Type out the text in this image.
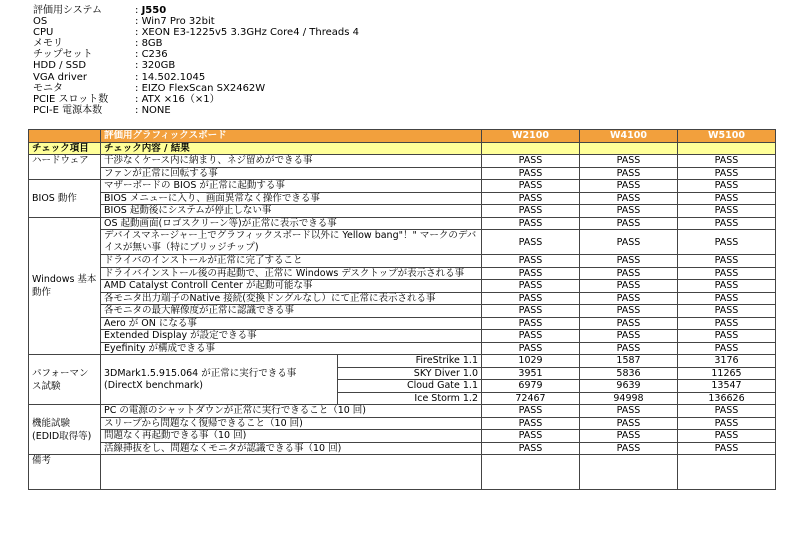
評価用システム	: J550
OS	: Win7 Pro 32bit
CPU	: XEON E3-1225v5 3.3GHz Core4 / Threads 4
メモリ	: 8GB
チップセット	: C236
HDD / SSD	: 320GB
VGA driver	: 14.502.1045
モニタ	: EIZO FlexScan SX2462W
PCIE スロット数	: ATX ×16（×1）
PCI-E 電源本数	: NONE
	評価用グラフィックスボード		W2100	W4100	W5100
チェック項目	チェック内容 / 結果				
ハードウェア	干渉なくケース内に納まり、ネジ留めができる事		PASS	PASS	PASS
	ファンが正常に回転する事		PASS	PASS	PASS
BIOS 動作	マザーボードの BIOS が正常に起動する事		PASS	PASS	PASS
	BIOS メニューに入り、画面異常なく操作できる事		PASS	PASS	PASS
	BIOS 起動後にシステムが停止しない事		PASS	PASS	PASS
Windows 基本動作	OS 起動画面(ロゴスクリーン等)が正常に表示できる事		PASS	PASS	PASS
	デバイスマネージャー上でグラフィックスボード以外に Yellow bang"！" マークのデバイスが無い事（特にブリッジチップ)		PASS	PASS	PASS
	ドライバのインストールが正常に完了すること		PASS	PASS	PASS
	ドライバインストール後の再起動で、正常に Windows デスクトップが表示される事		PASS	PASS	PASS
	AMD Catalyst Controll Center が起動可能な事		PASS	PASS	PASS
	各モニタ出力端子のNative 接続(変換ドングルなし）にて正常に表示される事		PASS	PASS	PASS
	各モニタの最大解像度が正常に認識できる事		PASS	PASS	PASS
	Aero が ON になる事		PASS	PASS	PASS
	Extended Display が設定できる事		PASS	PASS	PASS
	Eyefinity が構成できる事		PASS	PASS	PASS
パフォーマンス試験	3DMark1.5.915.064 が正常に実行できる事 (DirectX benchmark)	FireStrike 1.1	1029	1587	3176
		SKY Diver 1.0	3951	5836	11265
		Cloud Gate 1.1	6979	9639	13547
		Ice Storm 1.2	72467	94998	136626
機能試験 (EDID取得等)	PC の電源のシャットダウンが正常に実行できること（10 回)		PASS	PASS	PASS
	スリープから問題なく復帰できること（10 回)		PASS	PASS	PASS
	問題なく再起動できる事（10 回)		PASS	PASS	PASS
	活線挿抜をし、問題なくモニタが認識できる事（10 回)		PASS	PASS	PASS
備考					
